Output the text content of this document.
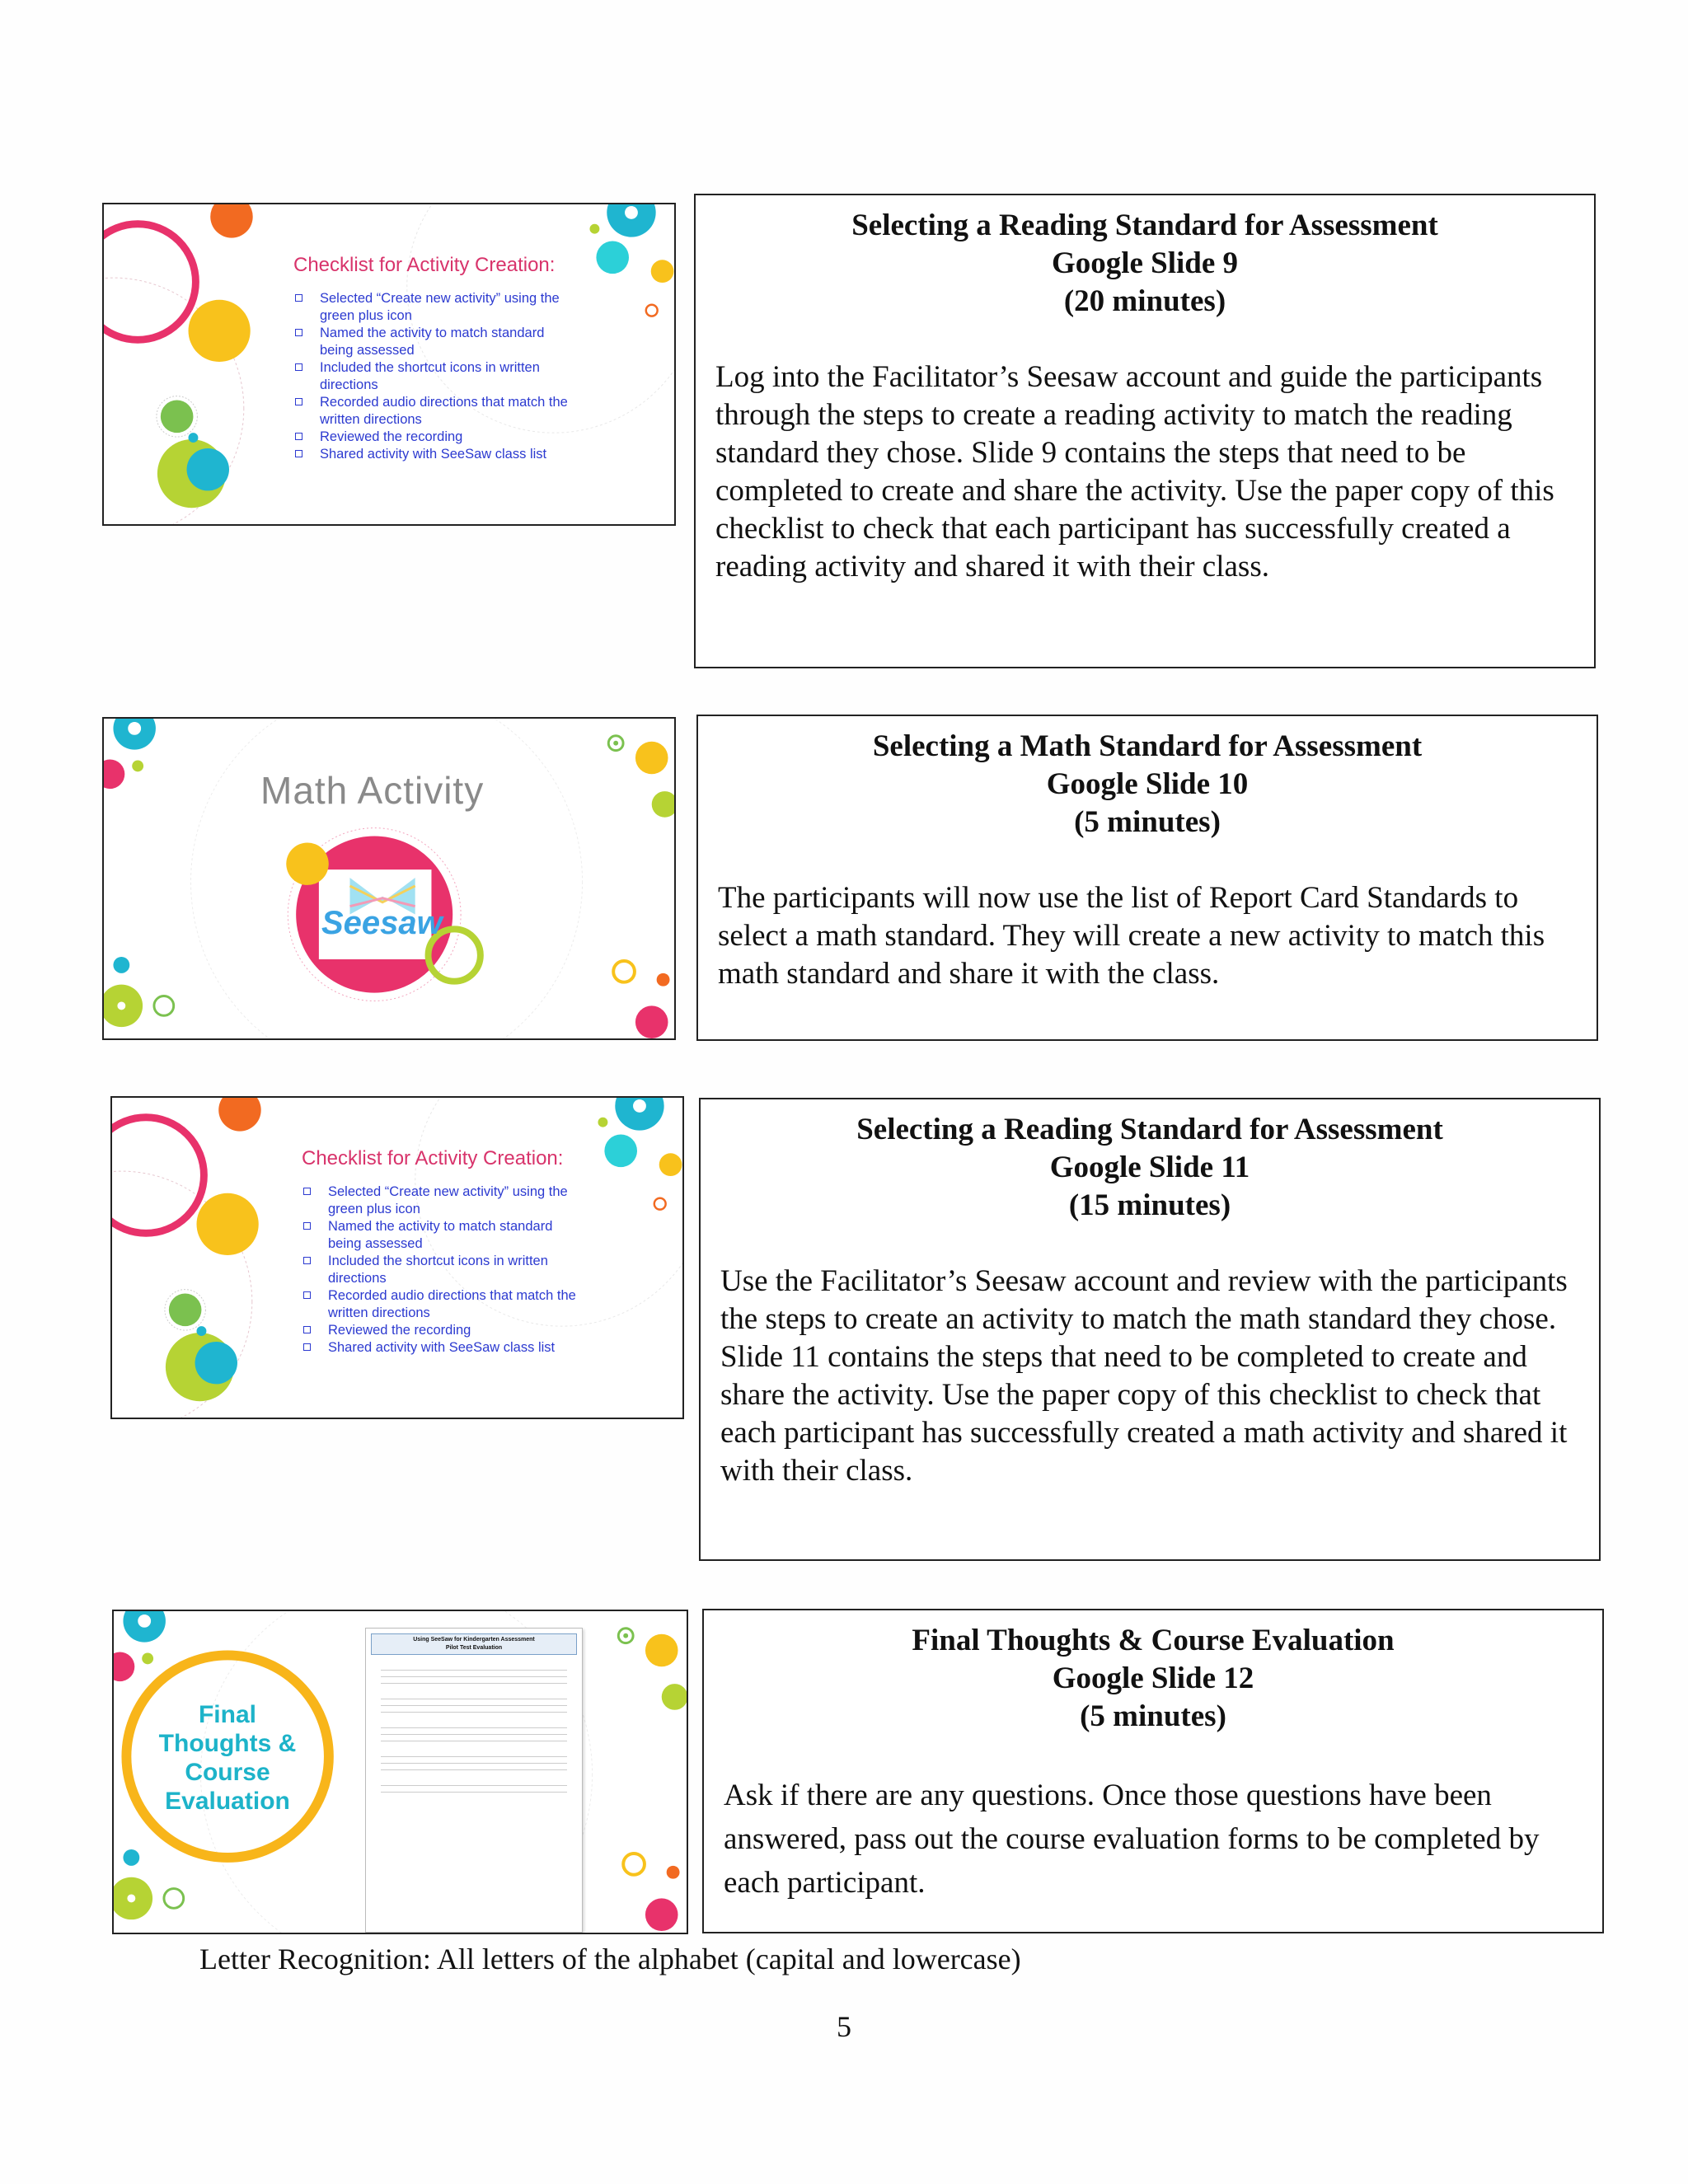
Checklist for Activity Creation:
Selected “Create new activity” using the green plus icon
Named the activity to match standard being assessed
Included the shortcut icons in written directions
Recorded audio directions that match the written directions
Reviewed the recording
Shared activity with SeeSaw class list
Selecting a Reading Standard for Assessment
Google Slide 9
(20 minutes)
Log into the Facilitator’s Seesaw account and guide the participants through the steps to create a reading activity to match the reading standard they chose. Slide 9 contains the steps that need to be completed to create and share the activity. Use the paper copy of this checklist to check that each participant has successfully created a reading activity and shared it with their class.
Math Activity
Seesaw
Selecting a Math Standard for Assessment
Google Slide 10
(5 minutes)
The participants will now use the list of Report Card Standards to select a math standard. They will create a new activity to match this math standard and share it with the class.
Checklist for Activity Creation:
Selected “Create new activity” using the green plus icon
Named the activity to match standard being assessed
Included the shortcut icons in written directions
Recorded audio directions that match the written directions
Reviewed the recording
Shared activity with SeeSaw class list
Selecting a Reading Standard for Assessment
Google Slide 11
(15 minutes)
Use the Facilitator’s Seesaw account and review with the participants the steps to create an activity to match the math standard they chose. Slide 11 contains the steps that need to be completed to create and share the activity. Use the paper copy of this checklist to check that each participant has successfully created a math activity and shared it with their class.
Final
Thoughts &
Course
Evaluation
Using SeeSaw for Kindergarten Assessment
Pilot Test Evaluation	Final Thoughts & Course Evaluation
Google Slide 12
(5 minutes)
Ask if there are any questions. Once those questions have been answered, pass out the course evaluation forms to be completed by each participant.
Letter Recognition: All letters of the alphabet (capital and lowercase)
5
